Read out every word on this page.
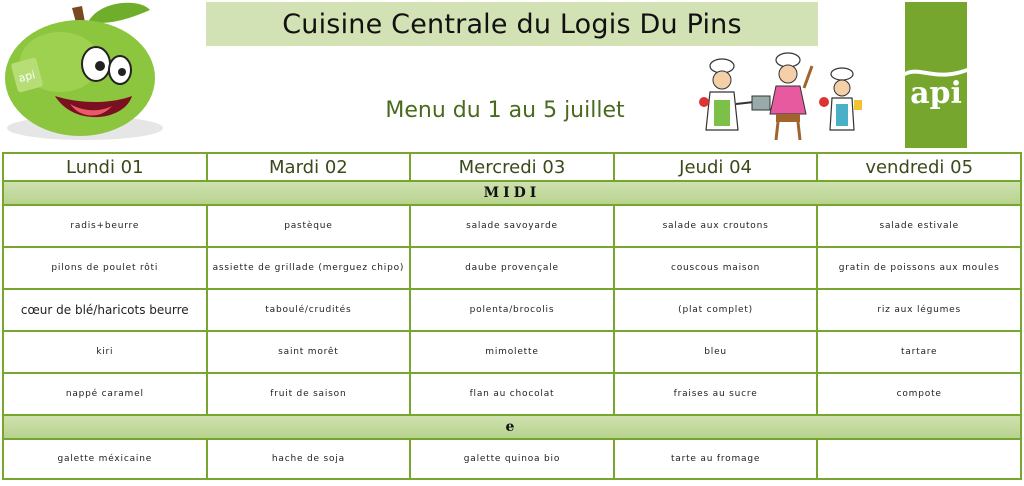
api
Cuisine Centrale du Logis Du Pins
Menu du 1 au 5 juillet	api
Lundi 01	Mardi 02	Mercredi 03	Jeudi 04	vendredi 05
MIDI				
radis+beurre	pastèque	salade savoyarde	salade aux croutons	salade estivale
pilons de poulet rôti	assiette de grillade (merguez chipo)	daube provençale	couscous maison	gratin de poissons aux moules
cœur de blé/haricots beurre	taboulé/crudités	polenta/brocolis	(plat complet)	riz aux légumes
kiri	saint morêt	mimolette	bleu	tartare
nappé caramel	fruit de saison	flan au chocolat	fraises au sucre	compote
e				
galette méxicaine	hache de soja	galette quinoa bio	tarte au fromage	
